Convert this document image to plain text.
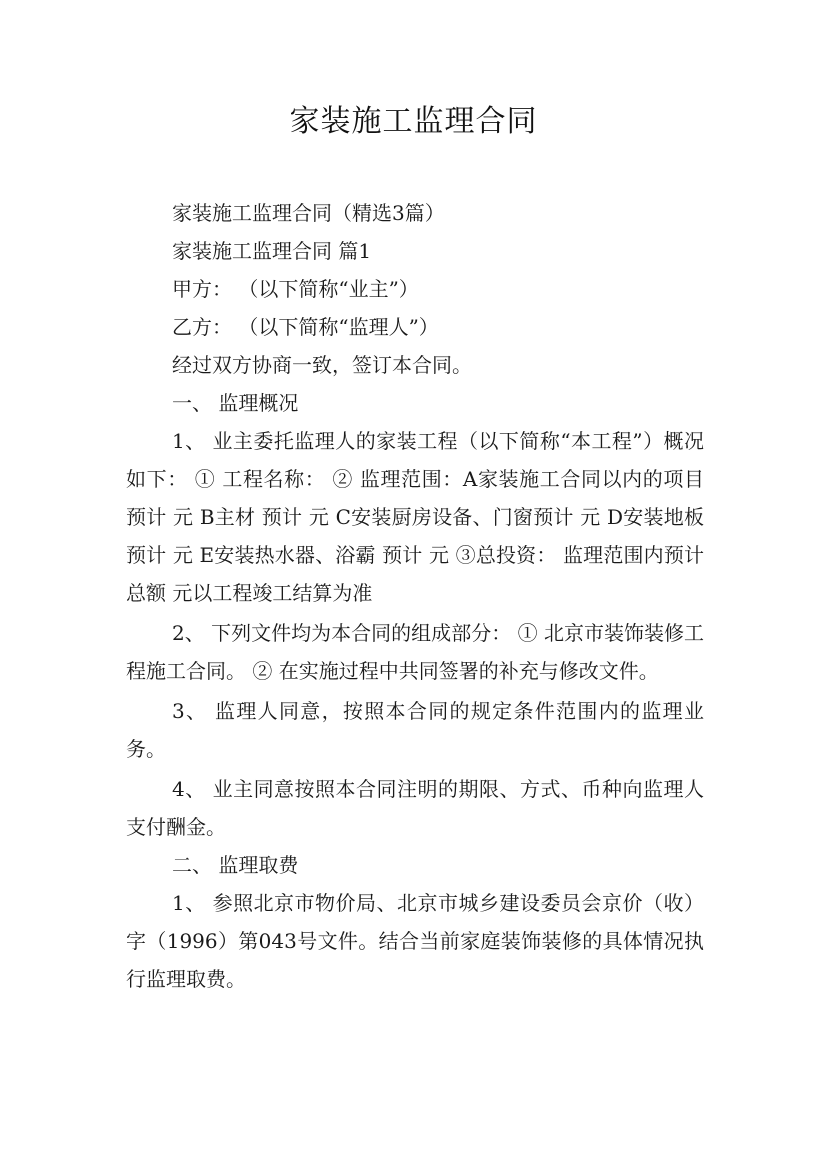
家装施工监理合同

家装施工监理合同（精选3篇）

家装施工监理合同 篇1

甲方： （以下简称“业主”）

乙方： （以下简称“监理人”）

经过双方协商一致，签订本合同。

一、 监理概况

1、 业主委托监理人的家装工程（以下简称“本工程”）概况如下： ① 工程名称： ② 监理范围：A家装施工合同以内的项目预计 元 B主材 预计 元 C安装厨房设备、门窗预计 元 D安装地板 预计 元 E安装热水器、浴霸 预计 元 ③总投资： 监理范围内预计总额 元以工程竣工结算为准

2、 下列文件均为本合同的组成部分： ① 北京市装饰装修工程施工合同。 ② 在实施过程中共同签署的补充与修改文件。

3、 监理人同意，按照本合同的规定条件范围内的监理业务。

4、 业主同意按照本合同注明的期限、方式、币种向监理人支付酬金。

二、 监理取费

1、 参照北京市物价局、北京市城乡建设委员会京价（收）字（1996）第043号文件。结合当前家庭装饰装修的具体情况执行监理取费。
